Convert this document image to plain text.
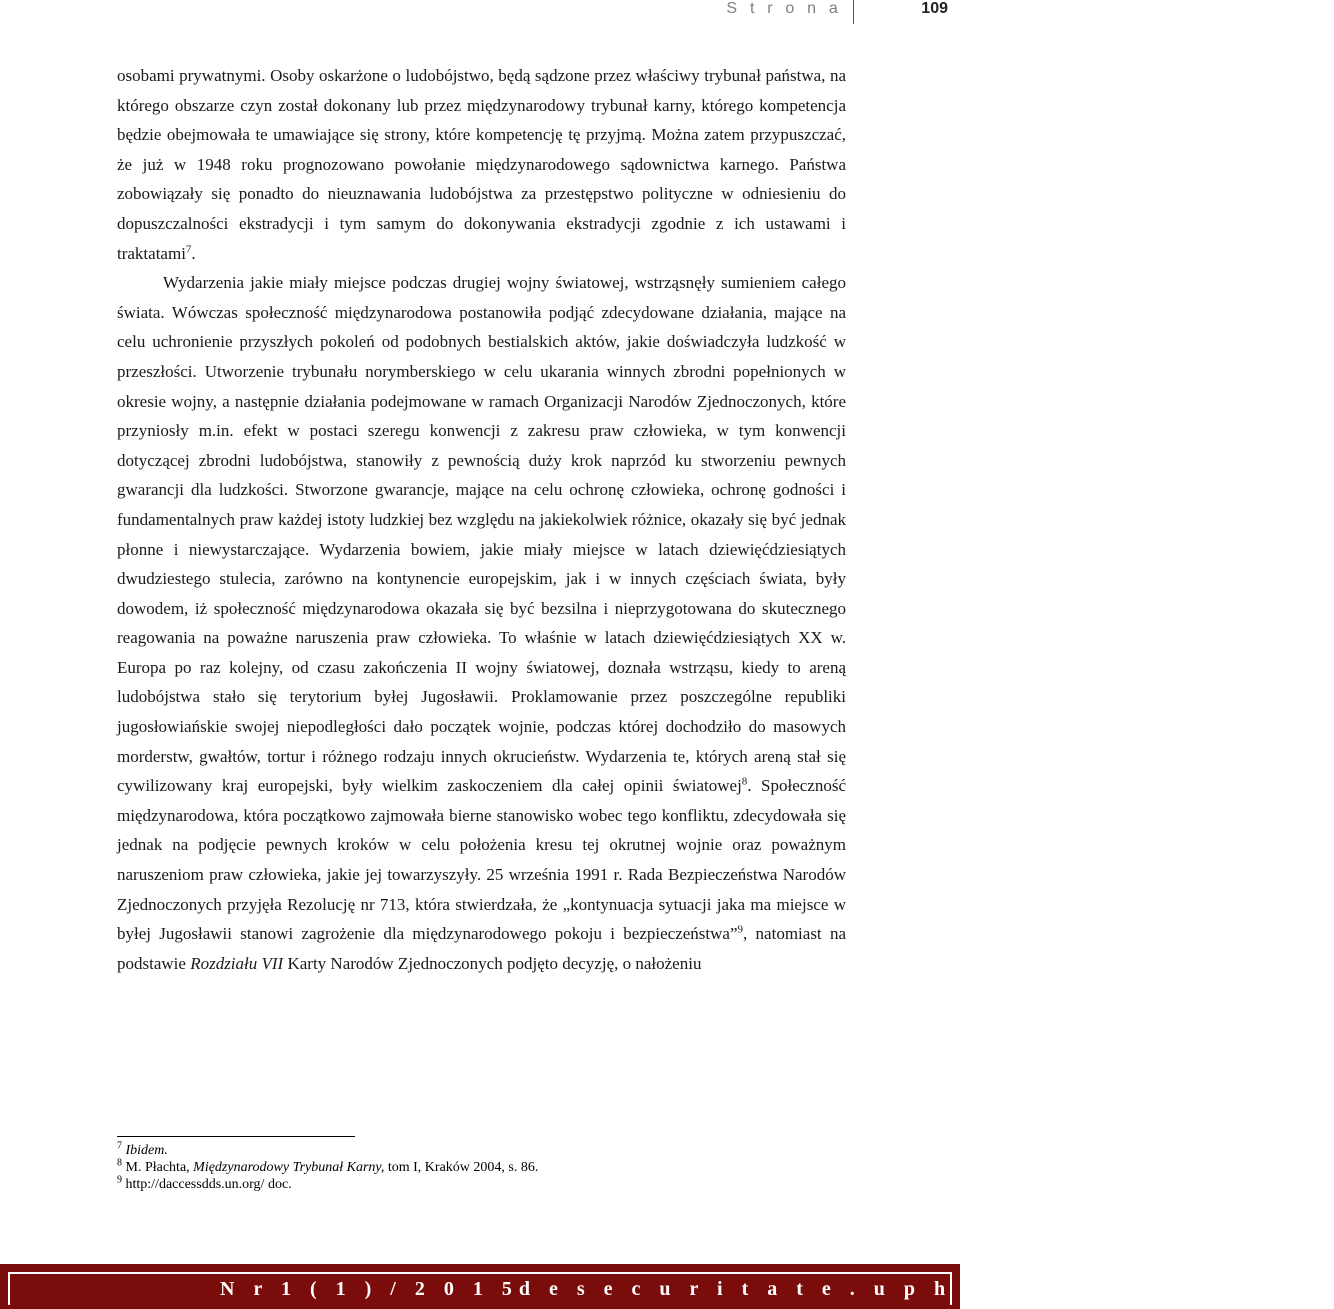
S t r o n a	109

osobami prywatnymi. Osoby oskarżone o ludobójstwo, będą sądzone przez właściwy trybunał państwa, na którego obszarze czyn został dokonany lub przez międzynarodowy trybunał karny, którego kompetencja będzie obejmowała te umawiające się strony, które kompetencję tę przyjmą. Można zatem przypuszczać, że już w 1948 roku prognozowano powołanie międzynarodowego sądownictwa karnego. Państwa zobowiązały się ponadto do nieuznawania ludobójstwa za przestępstwo polityczne w odniesieniu do dopuszczalności ekstradycji i tym samym do dokonywania ekstradycji zgodnie z ich ustawami i traktatami$^7$.

Wydarzenia jakie miały miejsce podczas drugiej wojny światowej, wstrząsnęły sumieniem całego świata. Wówczas społeczność międzynarodowa postanowiła podjąć zdecydowane działania, mające na celu uchronienie przyszłych pokoleń od podobnych bestialskich aktów, jakie doświadczyła ludzkość w przeszłości. Utworzenie trybunału norymberskiego w celu ukarania winnych zbrodni popełnionych w okresie wojny, a następnie działania podejmowane w ramach Organizacji Narodów Zjednoczonych, które przyniosły m.in. efekt w postaci szeregu konwencji z zakresu praw człowieka, w tym konwencji dotyczącej zbrodni ludobójstwa, stanowiły z pewnością duży krok naprzód ku stworzeniu pewnych gwarancji dla ludzkości. Stworzone gwarancje, mające na celu ochronę człowieka, ochronę godności i fundamentalnych praw każdej istoty ludzkiej bez względu na jakiekolwiek różnice, okazały się być jednak płonne i niewystarczające. Wydarzenia bowiem, jakie miały miejsce w latach dziewięćdziesiątych dwudziestego stulecia, zarówno na kontynencie europejskim, jak i w innych częściach świata, były dowodem, iż społeczność międzynarodowa okazała się być bezsilna i nieprzygotowana do skutecznego reagowania na poważne naruszenia praw człowieka. To właśnie w latach dziewięćdziesiątych XX w. Europa po raz kolejny, od czasu zakończenia II wojny światowej, doznała wstrząsu, kiedy to areną ludobójstwa stało się terytorium byłej Jugosławii. Proklamowanie przez poszczególne republiki jugosłowiańskie swojej niepodległości dało początek wojnie, podczas której dochodziło do masowych morderstw, gwałtów, tortur i różnego rodzaju innych okrucieństw. Wydarzenia te, których areną stał się cywilizowany kraj europejski, były wielkim zaskoczeniem dla całej opinii światowej$^8$. Społeczność międzynarodowa, która początkowo zajmowała bierne stanowisko wobec tego konfliktu, zdecydowała się jednak na podjęcie pewnych kroków w celu położenia kresu tej okrutnej wojnie oraz poważnym naruszeniom praw człowieka, jakie jej towarzyszyły. 25 września 1991 r. Rada Bezpieczeństwa Narodów Zjednoczonych przyjęła Rezolucję nr 713, która stwierdzała, że „kontynuacja sytuacji jaka ma miejsce w byłej Jugosławii stanowi zagrożenie dla międzynarodowego pokoju i bezpieczeństwa”$^9$, natomiast na podstawie Rozdziału VII Karty Narodów Zjednoczonych podjęto decyzję, o nałożeniu

$^7$ Ibidem.
$^8$ M. Płachta, Międzynarodowy Trybunał Karny, tom I, Kraków 2004, s. 86.
$^9$ http://daccessdds.un.org/ doc.
N r 1 ( 1 ) / 2 0 1 5 d e s e c u r i t a t e . u p h . e d u . p l J a n - J u n
